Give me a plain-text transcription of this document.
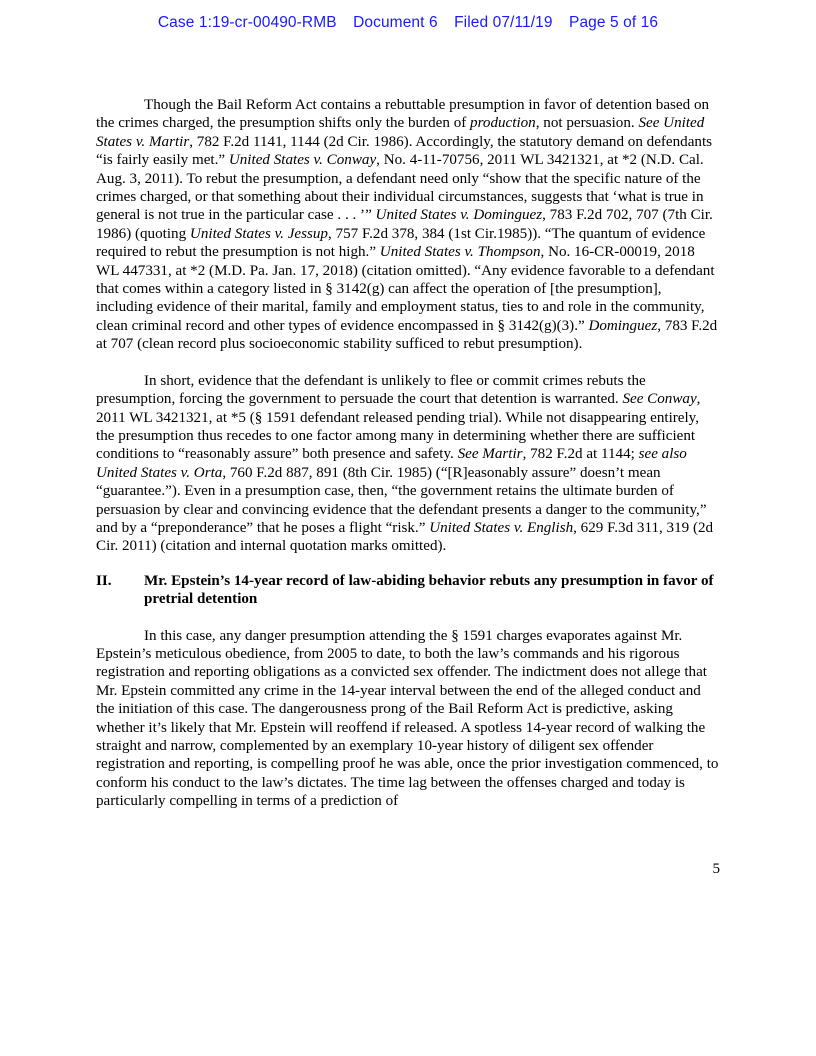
Case 1:19-cr-00490-RMB Document 6 Filed 07/11/19 Page 5 of 16

Though the Bail Reform Act contains a rebuttable presumption in favor of detention based on the crimes charged, the presumption shifts only the burden of production, not persuasion. See United States v. Martir, 782 F.2d 1141, 1144 (2d Cir. 1986). Accordingly, the statutory demand on defendants “is fairly easily met.” United States v. Conway, No. 4-11-70756, 2011 WL 3421321, at *2 (N.D. Cal. Aug. 3, 2011). To rebut the presumption, a defendant need only “show that the specific nature of the crimes charged, or that something about their individual circumstances, suggests that ‘what is true in general is not true in the particular case . . . ’” United States v. Dominguez, 783 F.2d 702, 707 (7th Cir. 1986) (quoting United States v. Jessup, 757 F.2d 378, 384 (1st Cir.1985)). “The quantum of evidence required to rebut the presumption is not high.” United States v. Thompson, No. 16-CR-00019, 2018 WL 447331, at *2 (M.D. Pa. Jan. 17, 2018) (citation omitted). “Any evidence favorable to a defendant that comes within a category listed in § 3142(g) can affect the operation of [the presumption], including evidence of their marital, family and employment status, ties to and role in the community, clean criminal record and other types of evidence encompassed in § 3142(g)(3).” Dominguez, 783 F.2d at 707 (clean record plus socioeconomic stability sufficed to rebut presumption).

In short, evidence that the defendant is unlikely to flee or commit crimes rebuts the presumption, forcing the government to persuade the court that detention is warranted. See Conway, 2011 WL 3421321, at *5 (§ 1591 defendant released pending trial). While not disappearing entirely, the presumption thus recedes to one factor among many in determining whether there are sufficient conditions to “reasonably assure” both presence and safety. See Martir, 782 F.2d at 1144; see also United States v. Orta, 760 F.2d 887, 891 (8th Cir. 1985) (“[R]easonably assure” doesn’t mean “guarantee.”). Even in a presumption case, then, “the government retains the ultimate burden of persuasion by clear and convincing evidence that the defendant presents a danger to the community,” and by a “preponderance” that he poses a flight “risk.” United States v. English, 629 F.3d 311, 319 (2d Cir. 2011) (citation and internal quotation marks omitted).

II.	Mr. Epstein’s 14-year record of law-abiding behavior rebuts any presumption in favor of pretrial detention

In this case, any danger presumption attending the § 1591 charges evaporates against Mr. Epstein’s meticulous obedience, from 2005 to date, to both the law’s commands and his rigorous registration and reporting obligations as a convicted sex offender. The indictment does not allege that Mr. Epstein committed any crime in the 14-year interval between the end of the alleged conduct and the initiation of this case. The dangerousness prong of the Bail Reform Act is predictive, asking whether it’s likely that Mr. Epstein will reoffend if released. A spotless 14-year record of walking the straight and narrow, complemented by an exemplary 10-year history of diligent sex offender registration and reporting, is compelling proof he was able, once the prior investigation commenced, to conform his conduct to the law’s dictates. The time lag between the offenses charged and today is particularly compelling in terms of a prediction of

5
